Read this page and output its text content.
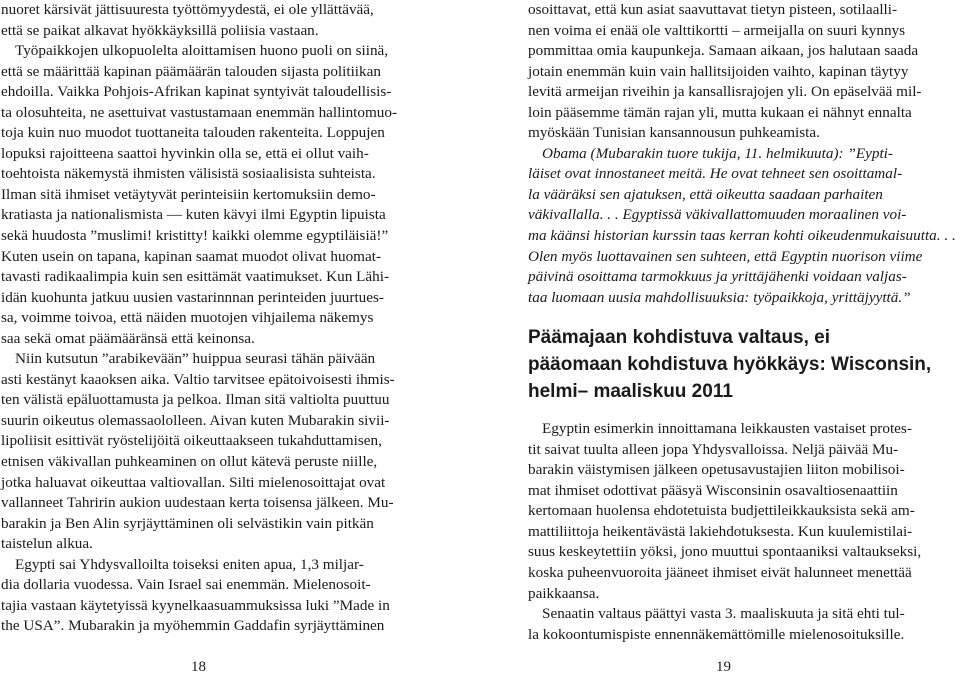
nuoret kärsivät jättisuuresta työttömyydestä, ei ole yllättävää,
että se paikat alkavat hyökkäyksillä poliisia vastaan.
Työpaikkojen ulkopuolelta aloittamisen huono puoli on siinä,
että se määrittää kapinan päämäärän talouden sijasta politiikan
ehdoilla. Vaikka Pohjois-Afrikan kapinat syntyivät taloudellisis-
ta olosuhteita, ne asettuivat vastustamaan enemmän hallintomuo-
toja kuin nuo muodot tuottaneita talouden rakenteita. Loppujen
lopuksi rajoitteena saattoi hyvinkin olla se, että ei ollut vaih-
toehtoista näkemystä ihmisten välisistä sosiaalisista suhteista.
Ilman sitä ihmiset vetäytyvät perinteisiin kertomuksiin demo-
kratiasta ja nationalismista — kuten kävyi ilmi Egyptin lipuista
sekä huudosta ”muslimi! kristitty! kaikki olemme egyptiläisiä!”
Kuten usein on tapana, kapinan saamat muodot olivat huomat-
tavasti radikaalimpia kuin sen esittämät vaatimukset. Kun Lähi-
idän kuohunta jatkuu uusien vastarinnnan perinteiden juurtues-
sa, voimme toivoa, että näiden muotojen vihjailema näkemys
saa sekä omat päämääränsä että keinonsa.
Niin kutsutun ”arabikevään” huippua seurasi tähän päivään
asti kestänyt kaaoksen aika. Valtio tarvitsee epätoivoisesti ihmis-
ten välistä epäluottamusta ja pelkoa. Ilman sitä valtiolta puuttuu
suurin oikeutus olemassaololleen. Aivan kuten Mubarakin sivii-
lipoliisit esittivät ryöstelijöitä oikeuttaakseen tukahduttamisen,
etnisen väkivallan puhkeaminen on ollut kätevä peruste niille,
jotka haluavat oikeuttaa valtiovallan. Silti mielenosoittajat ovat
vallanneet Tahririn aukion uudestaan kerta toisensa jälkeen. Mu-
barakin ja Ben Alin syrjäyttäminen oli selvästikin vain pitkän
taistelun alkua.
Egypti sai Yhdysvalloilta toiseksi eniten apua, 1,3 miljar-
dia dollaria vuodessa. Vain Israel sai enemmän. Mielenosoit-
tajia vastaan käytetyissä kyynelkaasuammuksissa luki ”Made in
the USA”. Mubarakin ja myöhemmin Gaddafin syrjäyttäminen
18
osoittavat, että kun asiat saavuttavat tietyn pisteen, sotilaalli-
nen voima ei enää ole valttikortti – armeijalla on suuri kynnys
pommittaa omia kaupunkeja. Samaan aikaan, jos halutaan saada
jotain enemmän kuin vain hallitsijoiden vaihto, kapinan täytyy
levitä armeijan riveihin ja kansallisrajojen yli. On epäselvää mil-
loin pääsemme tämän rajan yli, mutta kukaan ei nähnyt ennalta
myöskään Tunisian kansannousun puhkeamista.
Obama (Mubarakin tuore tukija, 11. helmikuuta): ”Eypti-
läiset ovat innostaneet meitä. He ovat tehneet sen osoittamal-
la vääräksi sen ajatuksen, että oikeutta saadaan parhaiten
väkivallalla. . . Egyptissä väkivallattomuuden moraalinen voi-
ma käänsi historian kurssin taas kerran kohti oikeudenmukaisuutta. . .
Olen myös luottavainen sen suhteen, että Egyptin nuorison viime
päivinä osoittama tarmokkuus ja yrittäjähenki voidaan valjas-
taa luomaan uusia mahdollisuuksia: työpaikkoja, yrittäjyyttä.”
Päämajaan kohdistuva valtaus, ei
pääomaan kohdistuva hyökkäys: Wisconsin,
helmi– maaliskuu 2011
Egyptin esimerkin innoittamana leikkausten vastaiset protes-
tit saivat tuulta alleen jopa Yhdysvalloissa. Neljä päivää Mu-
barakin väistymisen jälkeen opetusavustajien liiton mobilisoi-
mat ihmiset odottivat pääsyä Wisconsinin osavaltiosenaattiin
kertomaan huolensa ehdotetuista budjettileikkauksista sekä am-
mattiliittoja heikentävästä lakiehdotuksesta. Kun kuulemistilai-
suus keskeytettiin yöksi, jono muuttui spontaaniksi valtaukseksi,
koska puheenvuoroita jääneet ihmiset eivät halunneet menettää
paikkaansa.
Senaatin valtaus päättyi vasta 3. maaliskuuta ja sitä ehti tul-
la kokoontumispiste ennennäkemättömille mielenosoituksille.
19
